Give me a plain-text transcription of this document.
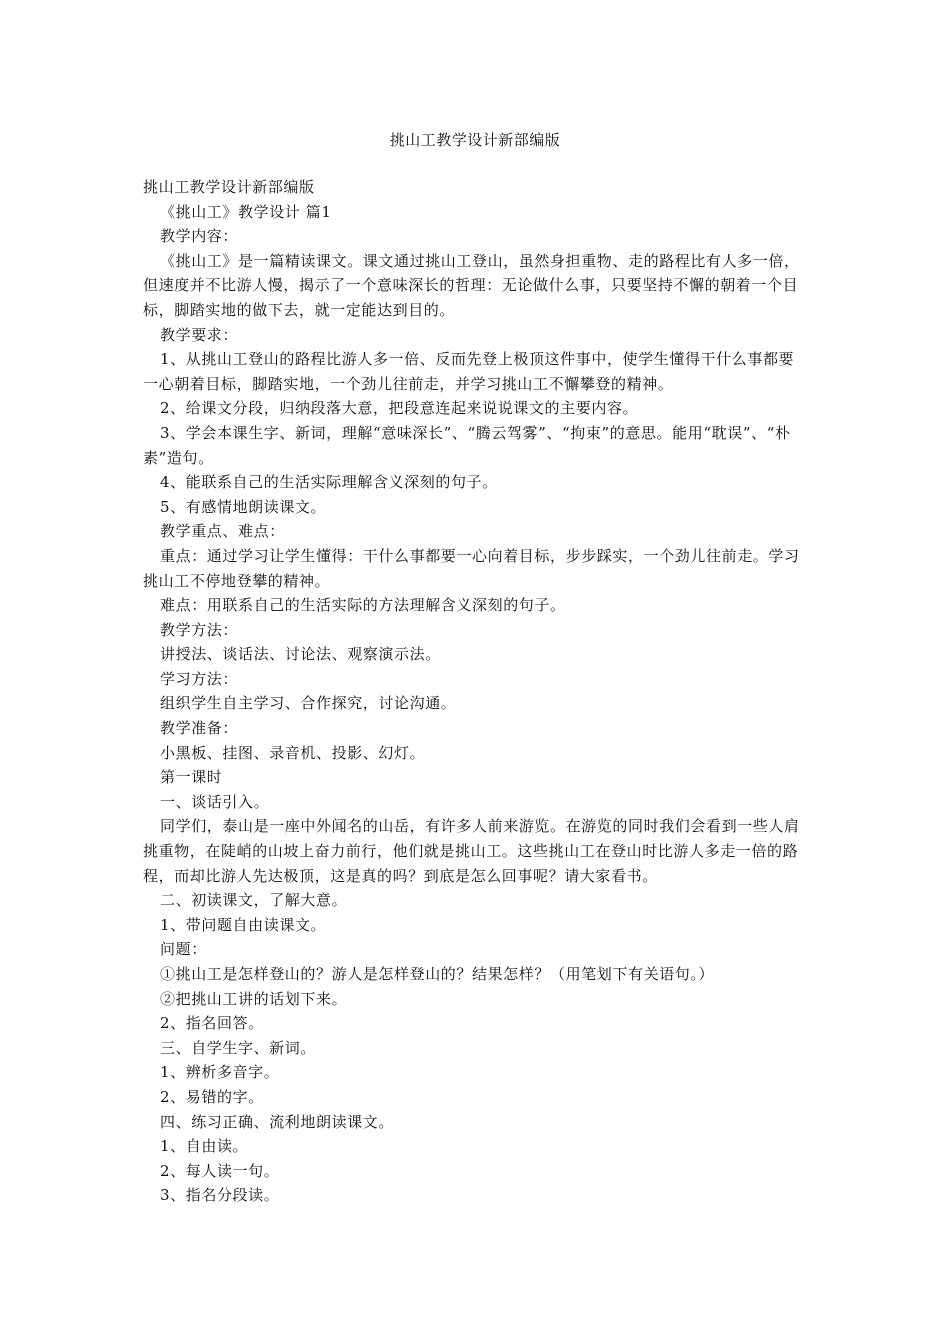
挑山工教学设计新部编版

挑山工教学设计新部编版

《挑山工》教学设计 篇1

教学内容：

《挑山工》是一篇精读课文。课文通过挑山工登山，虽然身担重物、走的路程比有人多一倍，但速度并不比游人慢，揭示了一个意味深长的哲理：无论做什么事，只要坚持不懈的朝着一个目标，脚踏实地的做下去，就一定能达到目的。

教学要求：

1、从挑山工登山的路程比游人多一倍、反而先登上极顶这件事中，使学生懂得干什么事都要一心朝着目标，脚踏实地，一个劲儿往前走，并学习挑山工不懈攀登的精神。

2、给课文分段，归纳段落大意，把段意连起来说说课文的主要内容。

3、学会本课生字、新词，理解“意味深长”、“腾云驾雾”、“拘束”的意思。能用“耽误”、“朴素”造句。

4、能联系自己的生活实际理解含义深刻的句子。

5、有感情地朗读课文。

教学重点、难点：

重点：通过学习让学生懂得：干什么事都要一心向着目标，步步踩实，一个劲儿往前走。学习挑山工不停地登攀的精神。

难点：用联系自己的生活实际的方法理解含义深刻的句子。

教学方法：

讲授法、谈话法、讨论法、观察演示法。

学习方法：

组织学生自主学习、合作探究，讨论沟通。

教学准备：

小黑板、挂图、录音机、投影、幻灯。

第一课时

一、谈话引入。

同学们，泰山是一座中外闻名的山岳，有许多人前来游览。在游览的同时我们会看到一些人肩挑重物，在陡峭的山坡上奋力前行，他们就是挑山工。这些挑山工在登山时比游人多走一倍的路程，而却比游人先达极顶，这是真的吗？到底是怎么回事呢？请大家看书。

二、初读课文，了解大意。

1、带问题自由读课文。

问题：

①挑山工是怎样登山的？游人是怎样登山的？结果怎样？（用笔划下有关语句。）

②把挑山工讲的话划下来。

2、指名回答。

三、自学生字、新词。

1、辨析多音字。

2、易错的字。

四、练习正确、流利地朗读课文。

1、自由读。

2、每人读一句。

3、指名分段读。
